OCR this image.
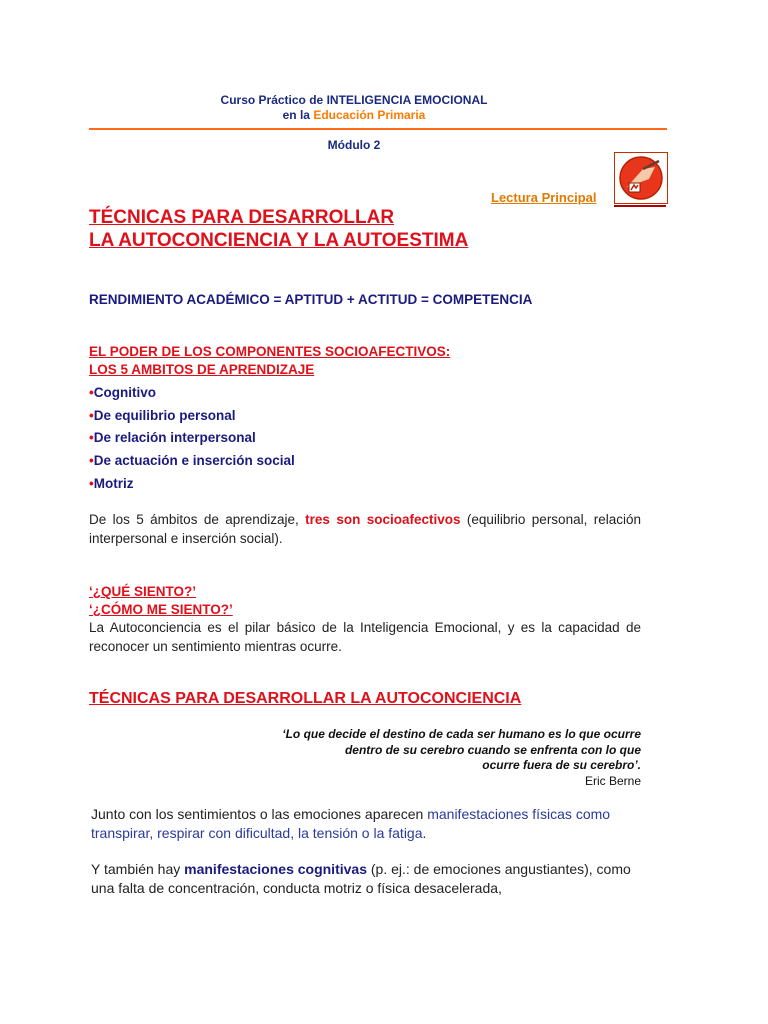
Curso Práctico de INTELIGENCIA EMOCIONAL
en la Educación Primaria
Módulo 2
Lectura Principal
TÉCNICAS PARA DESARROLLAR
LA AUTOCONCIENCIA Y LA AUTOESTIMA
RENDIMIENTO ACADÉMICO = APTITUD + ACTITUD = COMPETENCIA
EL PODER DE LOS COMPONENTES SOCIOAFECTIVOS:
LOS 5 AMBITOS DE APRENDIZAJE
•Cognitivo
•De equilibrio personal
•De relación interpersonal
•De actuación e inserción social
•Motriz
De los 5 ámbitos de aprendizaje, tres son socioafectivos (equilibrio personal, relación interpersonal e inserción social).
‘¿QUÉ SIENTO?’
‘¿CÓMO ME SIENTO?’
La Autoconciencia es el pilar básico de la Inteligencia Emocional, y es la capacidad de reconocer un sentimiento mientras ocurre.
TÉCNICAS PARA DESARROLLAR LA AUTOCONCIENCIA
‘Lo que decide el destino de cada ser humano es lo que ocurre
dentro de su cerebro cuando se enfrenta con lo que
ocurre fuera de su cerebro’.
Eric Berne
Junto con los sentimientos o las emociones aparecen manifestaciones físicas como transpirar, respirar con dificultad, la tensión o la fatiga.
Y también hay manifestaciones cognitivas (p. ej.: de emociones angustiantes), como una falta de concentración, conducta motriz o física desacelerada,
